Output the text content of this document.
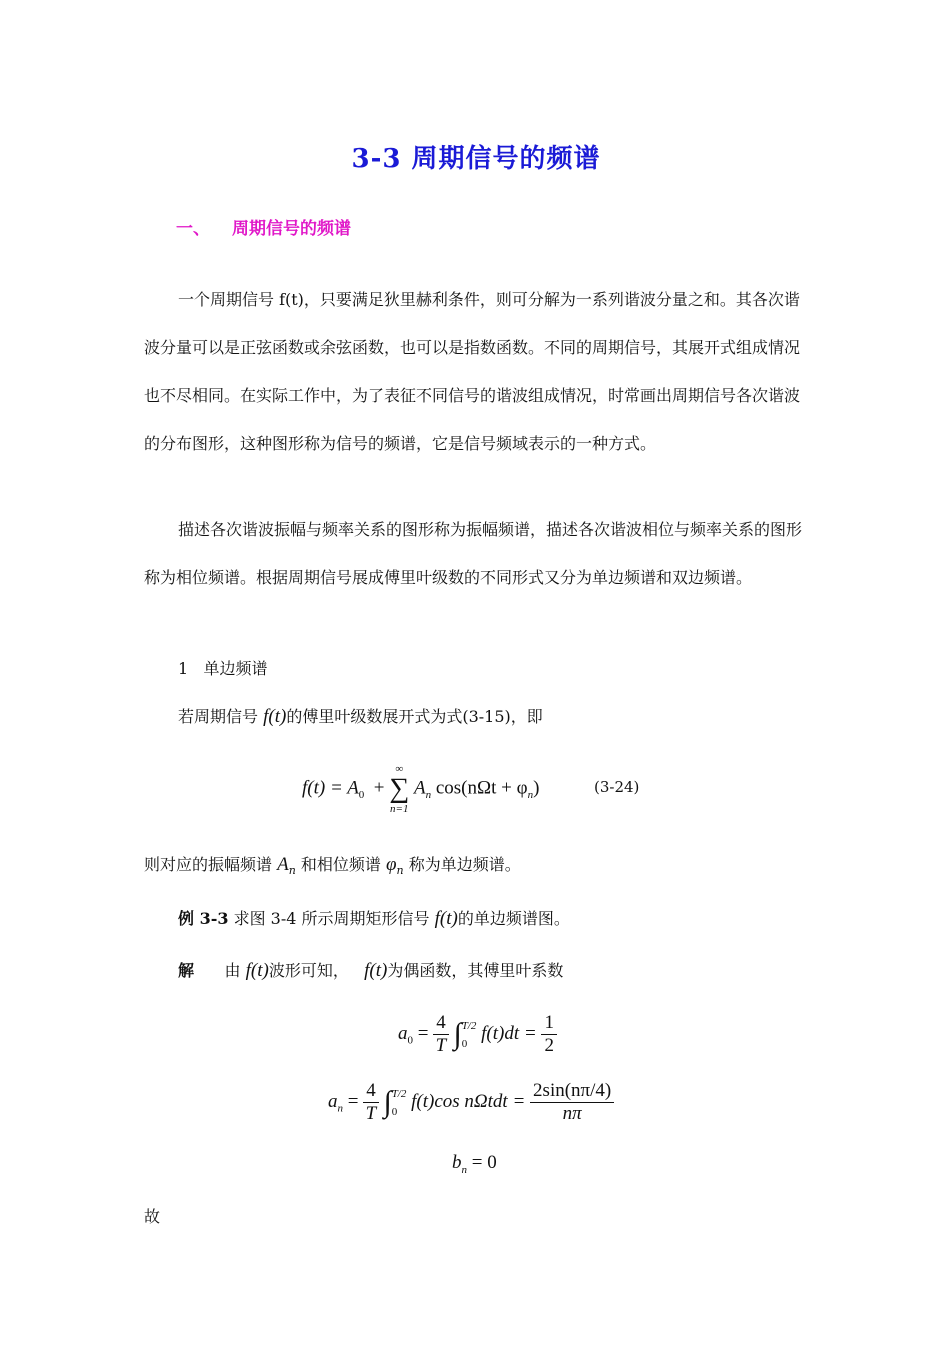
3-3 周期信号的频谱
一、 周期信号的频谱

一个周期信号 f(t)，只要满足狄里赫利条件，则可分解为一系列谐波分量之和。其各次谐波分量可以是正弦函数或余弦函数，也可以是指数函数。不同的周期信号，其展开式组成情况也不尽相同。在实际工作中，为了表征不同信号的谐波组成情况，时常画出周期信号各次谐波的分布图形，这种图形称为信号的频谱，它是信号频域表示的一种方式。

描述各次谐波振幅与频率关系的图形称为振幅频谱，描述各次谐波相位与频率关系的图形称为相位频谱。根据周期信号展成傅里叶级数的不同形式又分为单边频谱和双边频谱。

1 单边频谱
若周期信号 f(t)的傅里叶级数展开式为式(3-15)，即
$f(t) = A_0$  +
∞
∑
n=1
$A_n$ $\cos(n\Omega t + \varphi_n)$	(3-24)
则对应的振幅频谱 $A_n$ 和相位频谱 $\varphi_n$ 称为单边频谱。
例 3-3 求图 3-4 所示周期矩形信号 f(t)的单边频谱图。
解 由 f(t)波形可知， f(t)为偶函数，其傅里叶系数
$a_0 = \frac{4}{T}$ ∫ T/2
0 $f(t)dt = \frac{1}{2}$
$a_n = \frac{4}{T}$ ∫ T/2
0 f(t)cos $n\Omega tdt = \frac{2\sin(n\pi/4)}{n\pi}$
$b_n = 0$
故
